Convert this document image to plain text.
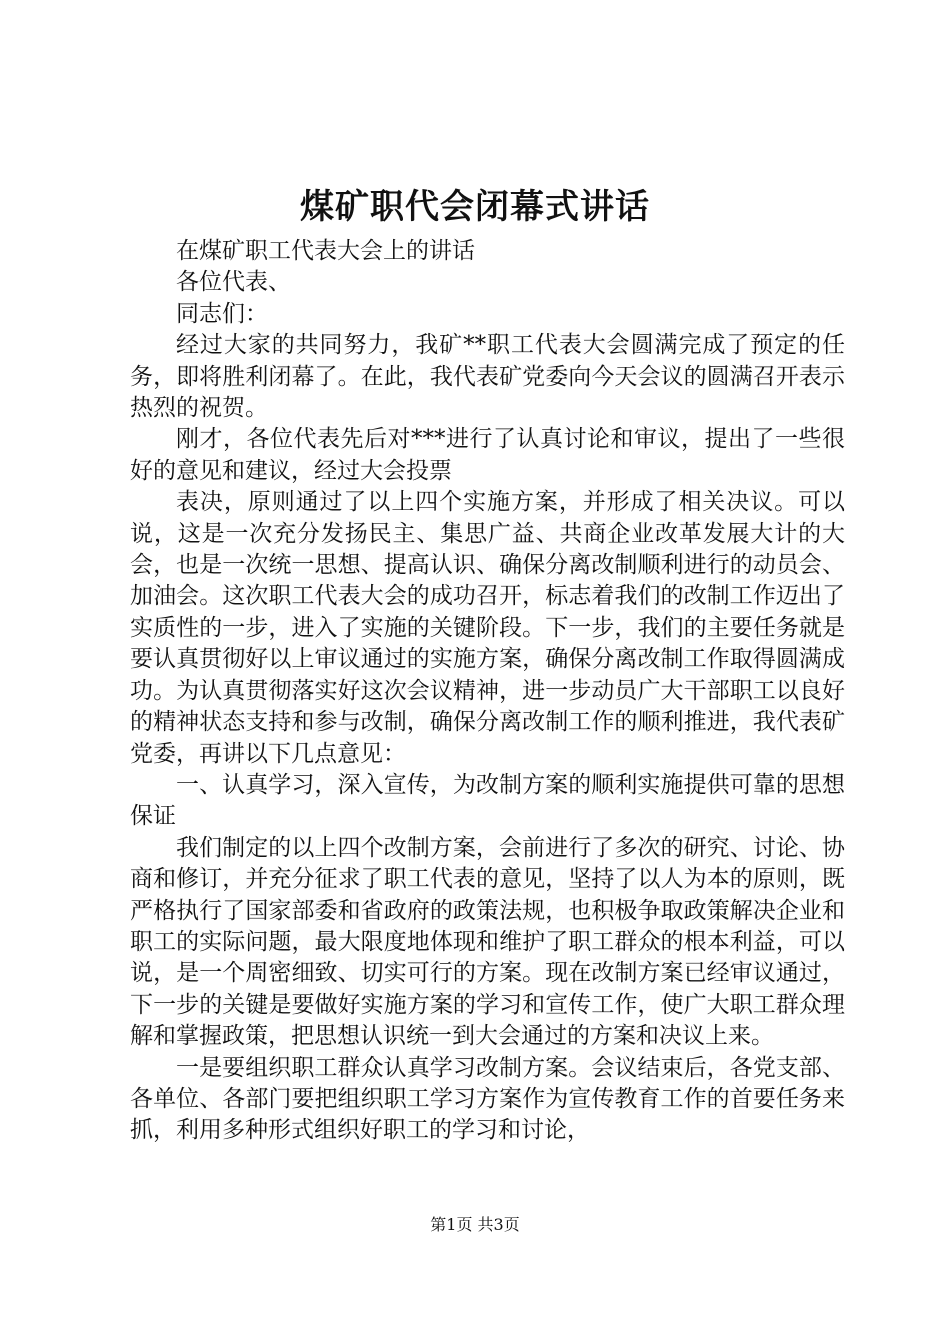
煤矿职代会闭幕式讲话

在煤矿职工代表大会上的讲话

各位代表、

同志们：

经过大家的共同努力，我矿**职工代表大会圆满完成了预定的任务，即将胜利闭幕了。在此，我代表矿党委向今天会议的圆满召开表示热烈的祝贺。

刚才，各位代表先后对***进行了认真讨论和审议，提出了一些很好的意见和建议，经过大会投票

表决，原则通过了以上四个实施方案，并形成了相关决议。可以说，这是一次充分发扬民主、集思广益、共商企业改革发展大计的大会，也是一次统一思想、提高认识、确保分离改制顺利进行的动员会、加油会。这次职工代表大会的成功召开，标志着我们的改制工作迈出了实质性的一步，进入了实施的关键阶段。下一步，我们的主要任务就是要认真贯彻好以上审议通过的实施方案，确保分离改制工作取得圆满成功。为认真贯彻落实好这次会议精神，进一步动员广大干部职工以良好的精神状态支持和参与改制，确保分离改制工作的顺利推进，我代表矿党委，再讲以下几点意见：

一、认真学习，深入宣传，为改制方案的顺利实施提供可靠的思想保证

我们制定的以上四个改制方案，会前进行了多次的研究、讨论、协商和修订，并充分征求了职工代表的意见，坚持了以人为本的原则，既严格执行了国家部委和省政府的政策法规，也积极争取政策解决企业和职工的实际问题，最大限度地体现和维护了职工群众的根本利益，可以说，是一个周密细致、切实可行的方案。现在改制方案已经审议通过，下一步的关键是要做好实施方案的学习和宣传工作，使广大职工群众理解和掌握政策，把思想认识统一到大会通过的方案和决议上来。

一是要组织职工群众认真学习改制方案。会议结束后，各党支部、各单位、各部门要把组织职工学习方案作为宣传教育工作的首要任务来抓，利用多种形式组织好职工的学习和讨论，

第1页 共3页
